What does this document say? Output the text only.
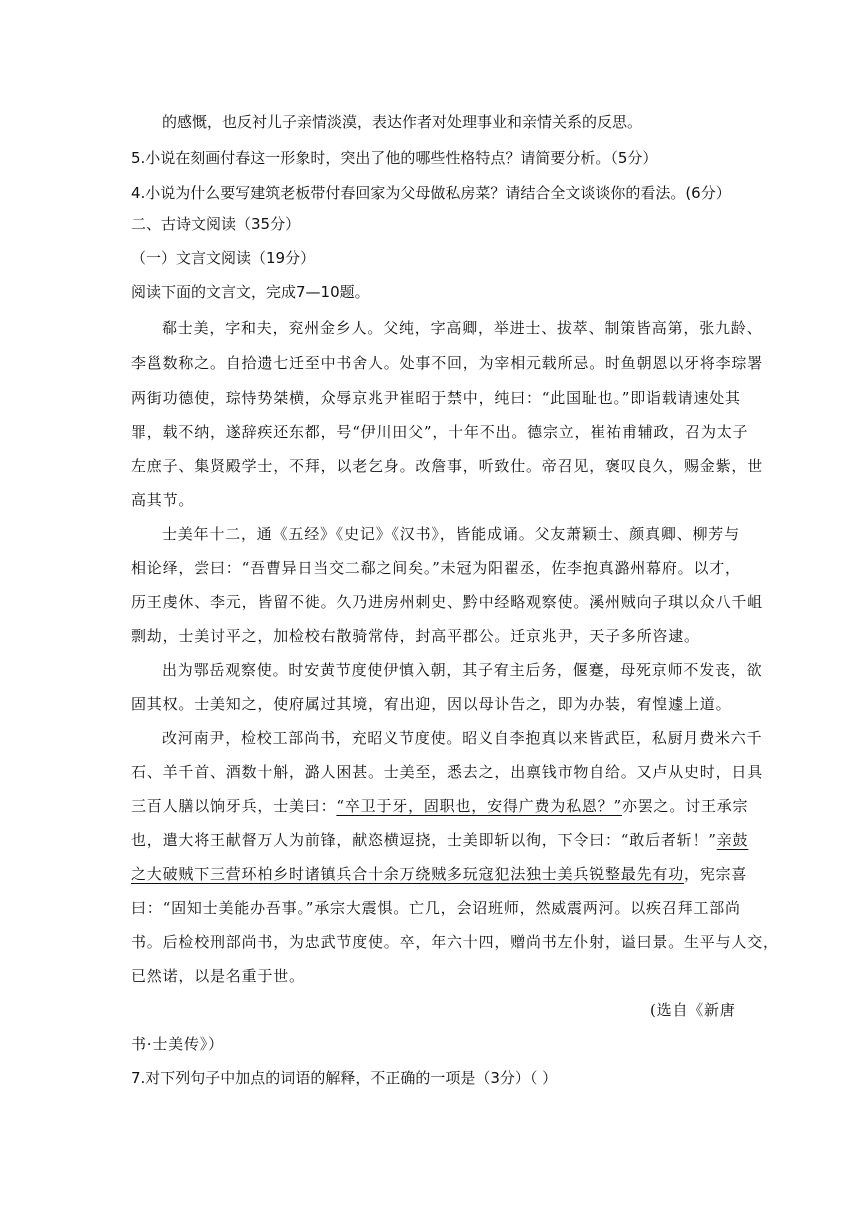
的感慨，也反衬儿子亲情淡漠，表达作者对处理事业和亲情关系的反思。
5.小说在刻画付春这一形象时，突出了他的哪些性格特点？请简要分析。（5分）
4.小说为什么要写建筑老板带付春回家为父母做私房菜？请结合全文谈谈你的看法。(6分）
二、古诗文阅读（35分）
（一）文言文阅读（19分）
阅读下面的文言文，完成7—10题。
郗士美，字和夫，兖州金乡人。父纯，字高卿，举进士、拔萃、制策皆高第，张九龄、
李邕数称之。自拾遗七迁至中书舍人。处事不回，为宰相元载所忌。时鱼朝恩以牙将李琮署
两街功德使，琮恃势桀横，众辱京兆尹崔昭于禁中，纯曰：“此国耻也。”即诣载请速处其
罪，载不纳，遂辞疾还东都，号“伊川田父”，十年不出。德宗立，崔祐甫辅政，召为太子
左庶子、集贤殿学士，不拜，以老乞身。改詹事，听致仕。帝召见，褒叹良久，赐金紫，世
高其节。
士美年十二，通《五经》《史记》《汉书》，皆能成诵。父友萧颖士、颜真卿、柳芳与
相论绎，尝曰：“吾曹异日当交二郗之间矣。”未冠为阳翟丞，佐李抱真潞州幕府。以才，
历王虔休、李元，皆留不徙。久乃进房州刺史、黔中经略观察使。溪州贼向子琪以众八千岨
剽劫，士美讨平之，加检校右散骑常侍，封高平郡公。迁京兆尹，天子多所咨逮。
出为鄂岳观察使。时安黄节度使伊慎入朝，其子宥主后务，偃蹇，母死京师不发丧，欲
固其权。士美知之，使府属过其境，宥出迎，因以母讣告之，即为办装，宥惶遽上道。
改河南尹，检校工部尚书，充昭义节度使。昭义自李抱真以来皆武臣，私厨月费米六千
石、羊千首、酒数十斛，潞人困甚。士美至，悉去之，出禀钱市物自给。又卢从史时，日具
三百人膳以饷牙兵，士美曰：“卒卫于牙，固职也，安得广费为私恩？”亦罢之。讨王承宗
也，遣大将王献督万人为前锋，献恣横逗挠，士美即斩以徇，下令曰：“敢后者斩！”亲鼓
之大破贼下三营环柏乡时诸镇兵合十余万绕贼多玩寇犯法独士美兵锐整最先有功，宪宗喜
曰：“固知士美能办吾事。”承宗大震惧。亡几，会诏班师，然威震两河。以疾召拜工部尚
书。后检校刑部尚书，为忠武节度使。卒，年六十四，赠尚书左仆射，谥曰景。生平与人交，
已然诺，以是名重于世。
(选自《新唐
书·士美传》）
7.对下列句子中加点的词语的解释，不正确的一项是（3分）（ ）
